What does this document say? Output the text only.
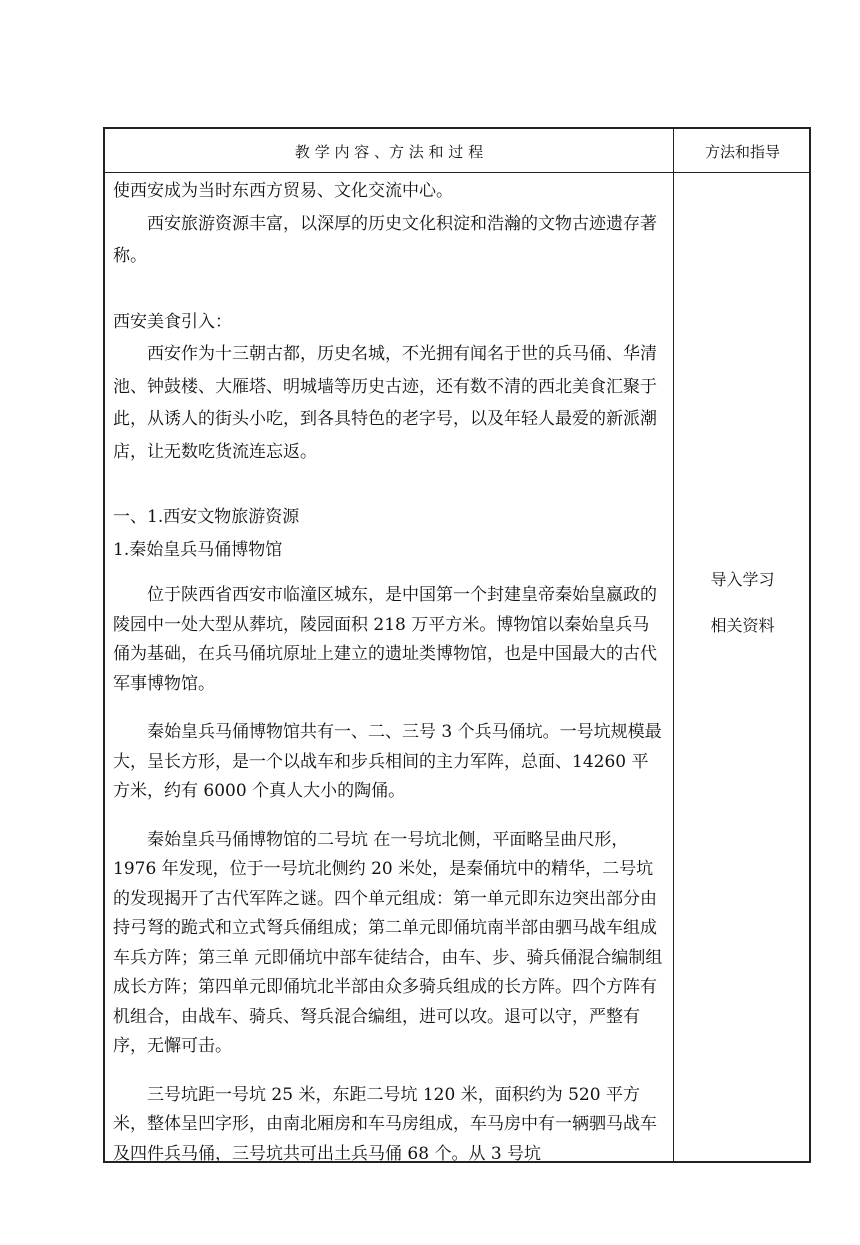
教 学 内 容 、方 法 和 过 程	方法和指导

使西安成为当时东西方贸易、文化交流中心。

西安旅游资源丰富，以深厚的历史文化积淀和浩瀚的文物古迹遗存著称。

西安美食引入：

西安作为十三朝古都，历史名城，不光拥有闻名于世的兵马俑、华清池、钟鼓楼、大雁塔、明城墙等历史古迹，还有数不清的西北美食汇聚于此，从诱人的街头小吃，到各具特色的老字号，以及年轻人最爱的新派潮店，让无数吃货流连忘返。

一、1.西安文物旅游资源

1.秦始皇兵马俑博物馆

位于陕西省西安市临潼区城东，是中国第一个封建皇帝秦始皇嬴政的陵园中一处大型从葬坑，陵园面积 218 万平方米。博物馆以秦始皇兵马俑为基础，在兵马俑坑原址上建立的遗址类博物馆，也是中国最大的古代军事博物馆。

秦始皇兵马俑博物馆共有一、二、三号 3 个兵马俑坑。一号坑规模最大，呈长方形，是一个以战车和步兵相间的主力军阵，总面、14260 平方米，约有 6000 个真人大小的陶俑。

秦始皇兵马俑博物馆的二号坑 在一号坑北侧，平面略呈曲尺形，1976 年发现，位于一号坑北侧约 20 米处，是秦俑坑中的精华，二号坑的发现揭开了古代军阵之谜。四个单元组成：第一单元即东边突出部分由持弓弩的跪式和立式弩兵俑组成；第二单元即俑坑南半部由驷马战车组成车兵方阵；第三单 元即俑坑中部车徒结合，由车、步、骑兵俑混合编制组成长方阵；第四单元即俑坑北半部由众多骑兵组成的长方阵。四个方阵有机组合，由战车、骑兵、弩兵混合编组，进可以攻。退可以守，严整有序，无懈可击。

三号坑距一号坑 25 米，东距二号坑 120 米，面积约为 520 平方米，整体呈凹字形，由南北厢房和车马房组成，车马房中有一辆驷马战车及四件兵马俑，三号坑共可出土兵马俑 68 个。从 3 号坑

导入学习
相关资料
